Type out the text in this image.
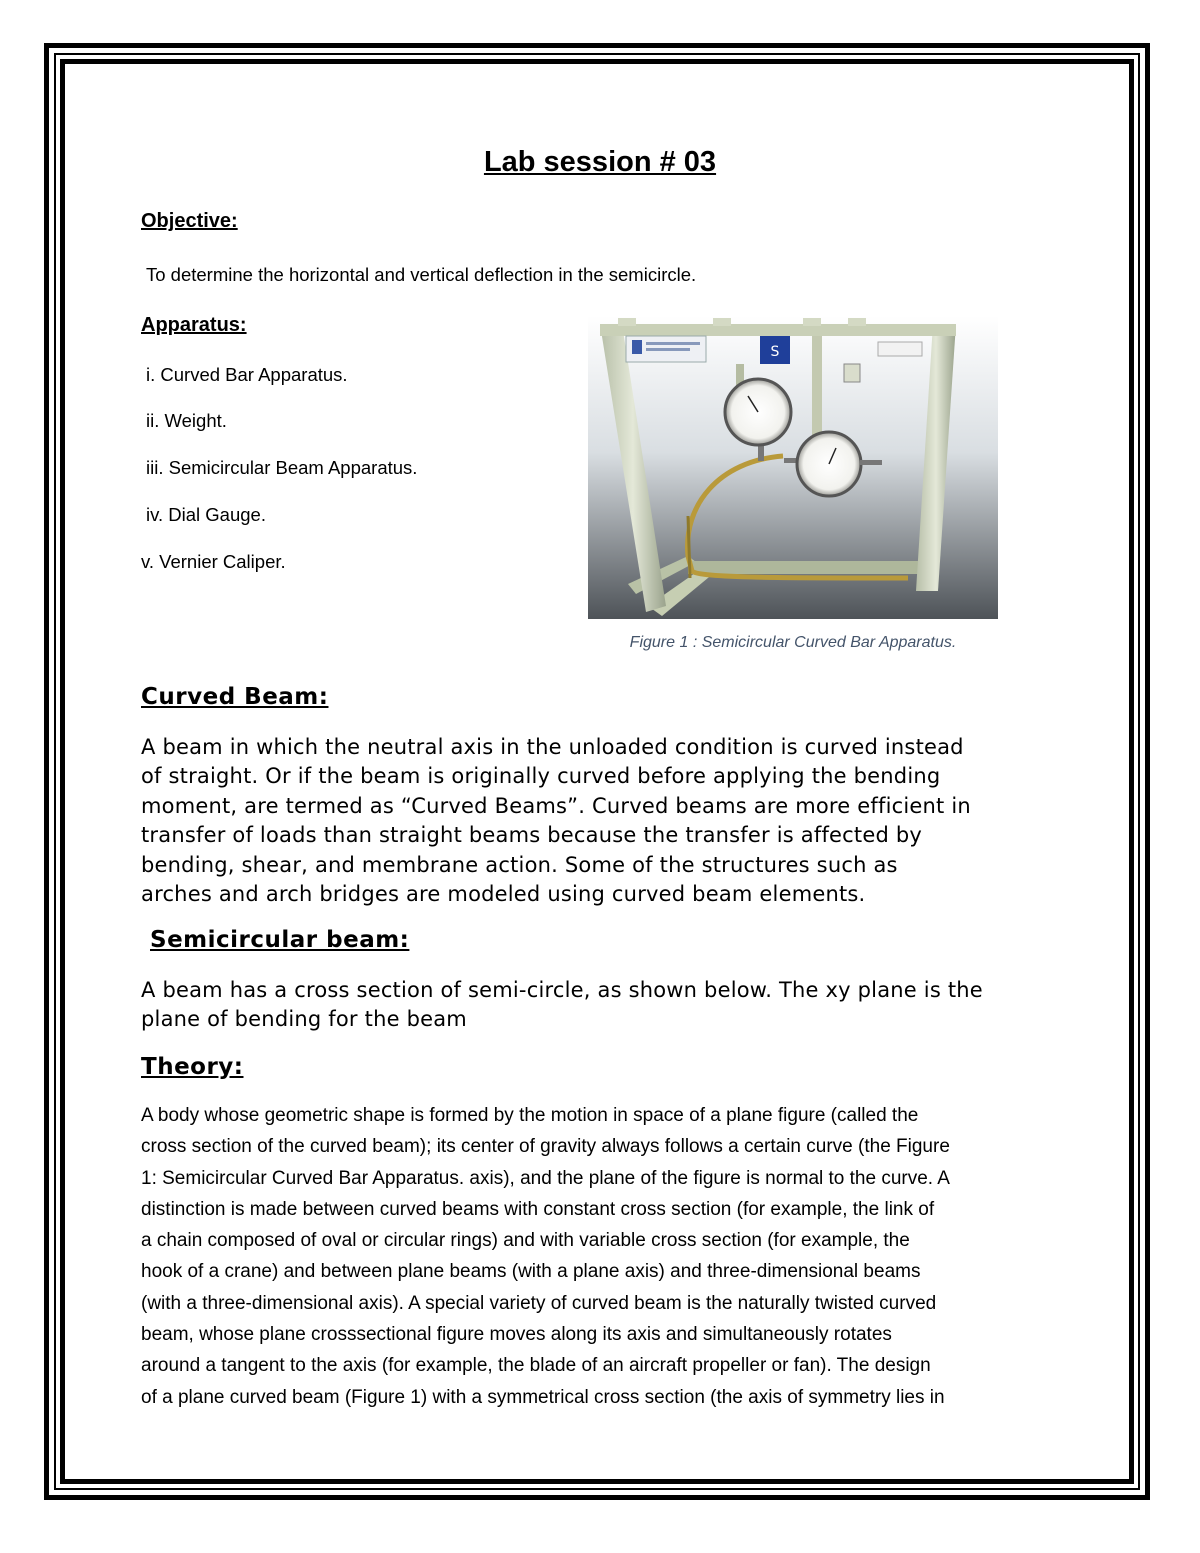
Lab session # 03
Objective:
To determine the horizontal and vertical deflection in the semicircle.
Apparatus:
i. Curved Bar Apparatus.
ii. Weight.
iii. Semicircular Beam Apparatus.
iv. Dial Gauge.
v. Vernier Caliper.
S
Figure 1 : Semicircular Curved Bar Apparatus.
Curved Beam:
A beam in which the neutral axis in the unloaded condition is curved instead
of straight. Or if the beam is originally curved before applying the bending
moment, are termed as “Curved Beams”. Curved beams are more efficient in
transfer of loads than straight beams because the transfer is affected by
bending, shear, and membrane action. Some of the structures such as
arches and arch bridges are modeled using curved beam elements.
Semicircular beam:
A beam has a cross section of semi-circle, as shown below. The xy plane is the
plane of bending for the beam
Theory:
A body whose geometric shape is formed by the motion in space of a plane figure (called the
cross section of the curved beam); its center of gravity always follows a certain curve (the Figure
1: Semicircular Curved Bar Apparatus. axis), and the plane of the figure is normal to the curve. A
distinction is made between curved beams with constant cross section (for example, the link of
a chain composed of oval or circular rings) and with variable cross section (for example, the
hook of a crane) and between plane beams (with a plane axis) and three-dimensional beams
(with a three-dimensional axis). A special variety of curved beam is the naturally twisted curved
beam, whose plane crosssectional figure moves along its axis and simultaneously rotates
around a tangent to the axis (for example, the blade of an aircraft propeller or fan). The design
of a plane curved beam (Figure 1) with a symmetrical cross section (the axis of symmetry lies in
